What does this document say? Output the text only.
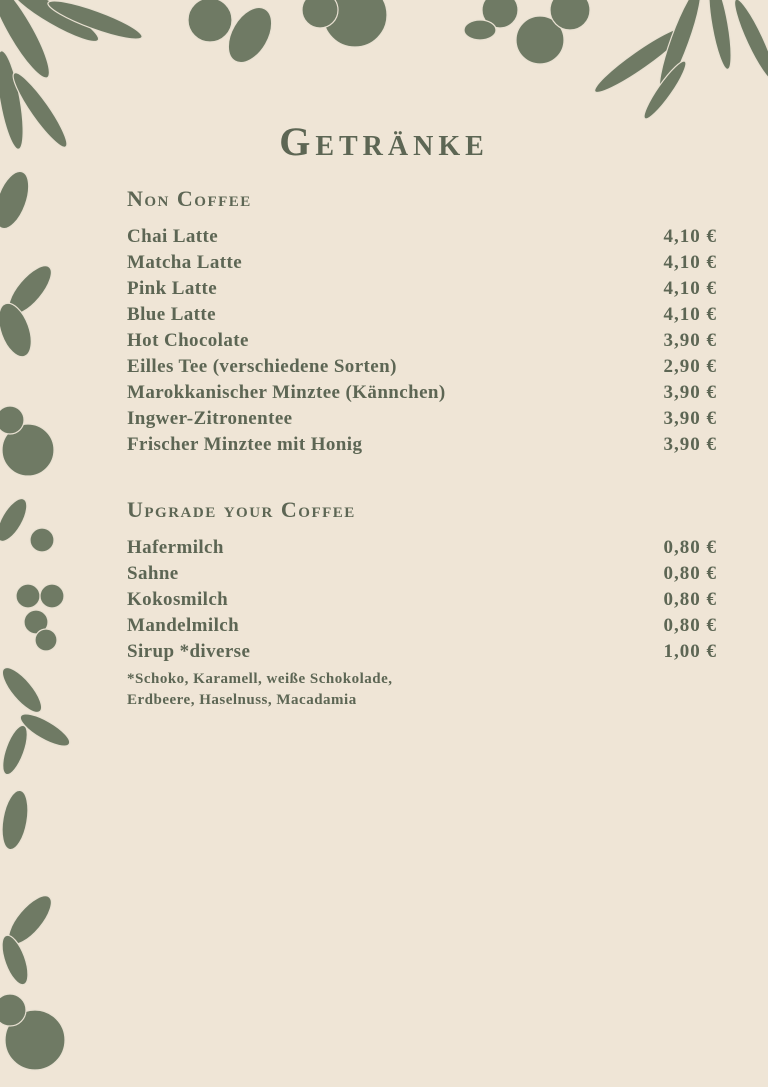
Getränke
Non Coffee
Chai Latte	4,10 €
Matcha Latte	4,10 €
Pink Latte	4,10 €
Blue Latte	4,10 €
Hot Chocolate	3,90 €
Eilles Tee (verschiedene Sorten)	2,90 €
Marokkanischer Minztee (Kännchen)	3,90 €
Ingwer-Zitronentee	3,90 €
Frischer Minztee mit Honig	3,90 €
Upgrade your Coffee
Hafermilch	0,80 €
Sahne	0,80 €
Kokosmilch	0,80 €
Mandelmilch	0,80 €
Sirup *diverse	1,00 €
*Schoko, Karamell, weiße Schokolade,
Erdbeere, Haselnuss, Macadamia
